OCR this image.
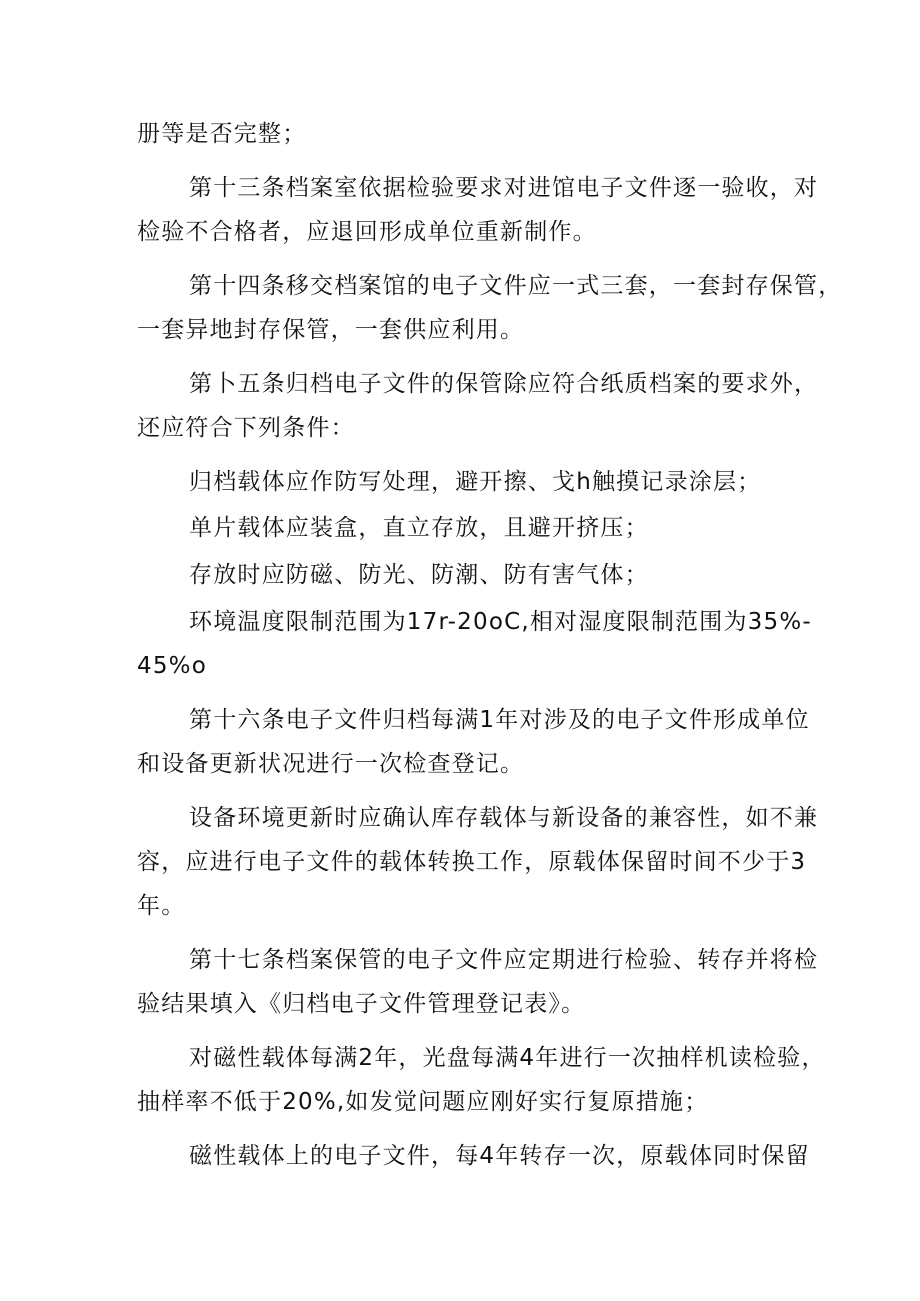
册等是否完整；
第十三条档案室依据检验要求对进馆电子文件逐一验收，对
检验不合格者，应退回形成单位重新制作。
第十四条移交档案馆的电子文件应一式三套，一套封存保管，
一套异地封存保管，一套供应利用。
第卜五条归档电子文件的保管除应符合纸质档案的要求外，
还应符合下列条件：
归档载体应作防写处理，避开擦、戈h触摸记录涂层；
单片载体应装盒，直立存放，且避开挤压；
存放时应防磁、防光、防潮、防有害气体；
环境温度限制范围为17r-20oC,相对湿度限制范围为35%-
45%o
第十六条电子文件归档每满1年对涉及的电子文件形成单位
和设备更新状况进行一次检查登记。
设备环境更新时应确认库存载体与新设备的兼容性，如不兼
容，应进行电子文件的载体转换工作，原载体保留时间不少于3
年。
第十七条档案保管的电子文件应定期进行检验、转存并将检
验结果填入《归档电子文件管理登记表》。
对磁性载体每满2年，光盘每满4年进行一次抽样机读检验，
抽样率不低于20%,如发觉问题应刚好实行复原措施；
磁性载体上的电子文件，每4年转存一次，原载体同时保留
